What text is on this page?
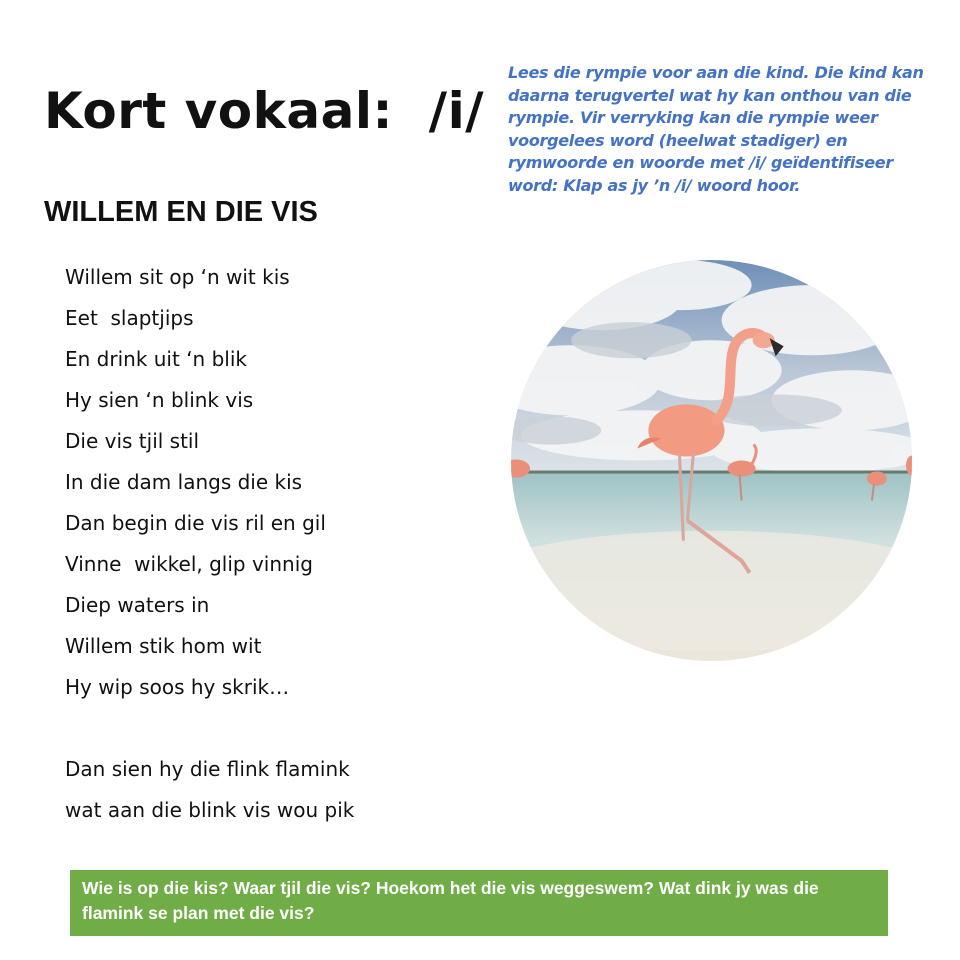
Kort vokaal:  /i/

Lees die rympie voor aan die kind. Die kind kan daarna terugvertel wat hy kan onthou van die rympie. Vir verryking kan die rympie weer voorgelees word (heelwat stadiger) en rymwoorde en woorde met /i/ geïdentifiseer word: Klap as jy ’n /i/ woord hoor.

WILLEM EN DIE VIS
Willem sit op ‘n wit kis
Eet  slaptjips
En drink uit ‘n blik
Hy sien ‘n blink vis
Die vis tjil stil
In die dam langs die kis
Dan begin die vis ril en gil
Vinne  wikkel, glip vinnig
Diep waters in
Willem stik hom wit
Hy wip soos hy skrik…
Dan sien hy die flink flamink
wat aan die blink vis wou pik

Wie is op die kis? Waar tjil die vis? Hoekom het die vis weggeswem? Wat dink jy was die flamink se plan met die vis?
